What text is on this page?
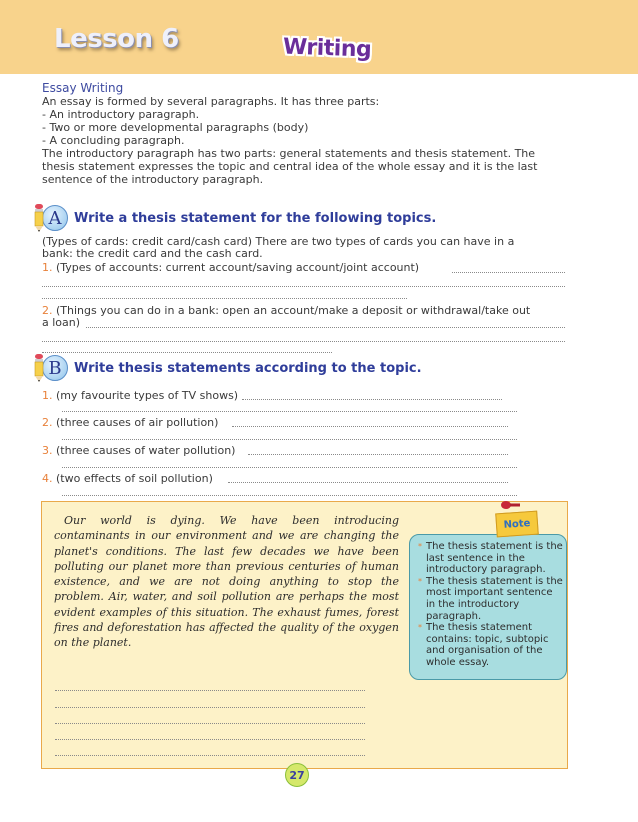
Lesson 6	Writing
Essay Writing
An essay is formed by several paragraphs. It has three parts:
- An introductory paragraph.
- Two or more developmental paragraphs (body)
- A concluding paragraph.
The introductory paragraph has two parts: general statements and thesis statement. The
thesis statement expresses the topic and central idea of the whole essay and it is the last
sentence of the introductory paragraph.
A Write a thesis statement for the following topics.
(Types of cards: credit card/cash card) There are two types of cards you can have in a
bank: the credit card and the cash card.
1. (Types of accounts: current account/saving account/joint account)
2. (Things you can do in a bank: open an account/make a deposit or withdrawal/take out
a loan)
B Write thesis statements according to the topic.
1. (my favourite types of TV shows)
2. (three causes of air pollution)
3. (three causes of water pollution)
4. (two effects of soil pollution)
Our world is dying. We have been introducing contaminants in our environment and we are changing the planet's conditions. The last few decades we have been polluting our planet more than previous centuries of human existence, and we are not doing anything to stop the problem. Air, water, and soil pollution are perhaps the most evident examples of this situation. The exhaust fumes, forest fires and deforestation has affected the quality of the oxygen on the planet.
Note
* The thesis statement is the last sentence in the introductory paragraph.
* The thesis statement is the most important sentence in the introductory paragraph.
* The thesis statement contains: topic, subtopic and organisation of the whole essay.
27
